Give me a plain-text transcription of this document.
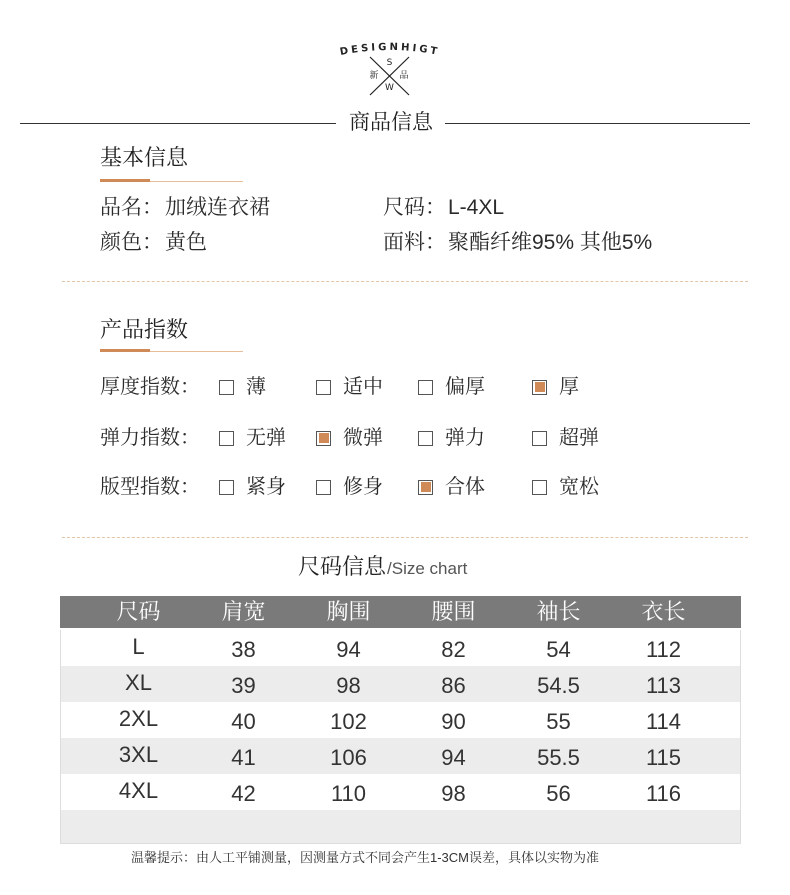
DESIGNHIGT
S
新 品
W
商品信息
基本信息
品名：加绒连衣裙	尺码：L-4XL
颜色：黄色	面料：聚酯纤维95% 其他5%
产品指数
厚度指数： 薄	适中	偏厚	厚
弹力指数： 无弹	微弹	弹力	超弹
版型指数： 紧身	修身	合体	宽松
尺码信息 /Size chart
尺码	肩宽	胸围	腰围	袖长	衣长
L	38	94	82	54	112
XL	39	98	86	54.5	113
2XL	40	102	90	55	114
3XL	41	106	94	55.5	115
4XL	42	110	98	56	116
温馨提示：由人工平铺测量，因测量方式不同会产生1-3CM误差，具体以实物为准
